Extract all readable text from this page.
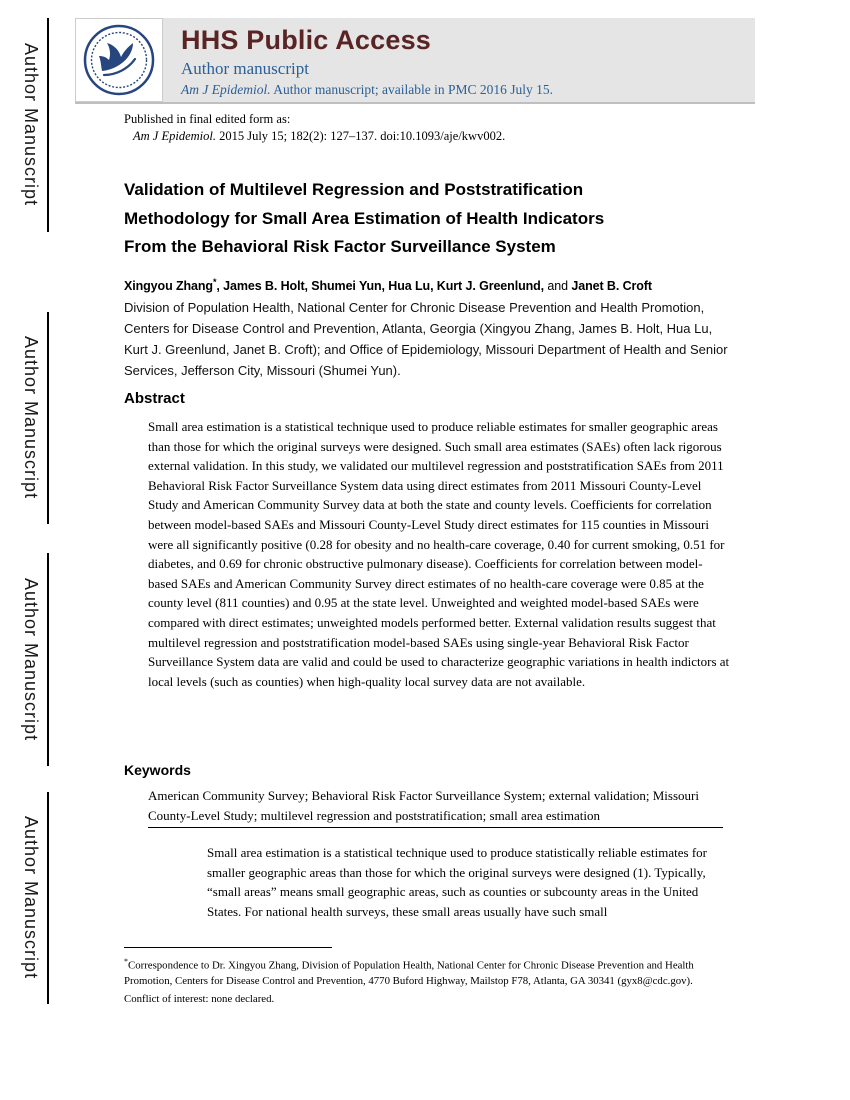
Author Manuscript
Author Manuscript
Author Manuscript
Author Manuscript
HHS Public Access
Author manuscript
Am J Epidemiol. Author manuscript; available in PMC 2016 July 15.
Published in final edited form as:
Am J Epidemiol. 2015 July 15; 182(2): 127–137. doi:10.1093/aje/kwv002.
Validation of Multilevel Regression and Poststratification
Methodology for Small Area Estimation of Health Indicators
From the Behavioral Risk Factor Surveillance System
Xingyou Zhang*, James B. Holt, Shumei Yun, Hua Lu, Kurt J. Greenlund, and Janet B. Croft
Division of Population Health, National Center for Chronic Disease Prevention and Health Promotion, Centers for Disease Control and Prevention, Atlanta, Georgia (Xingyou Zhang, James B. Holt, Hua Lu, Kurt J. Greenlund, Janet B. Croft); and Office of Epidemiology, Missouri Department of Health and Senior Services, Jefferson City, Missouri (Shumei Yun).
Abstract
Small area estimation is a statistical technique used to produce reliable estimates for smaller geographic areas than those for which the original surveys were designed. Such small area estimates (SAEs) often lack rigorous external validation. In this study, we validated our multilevel regression and poststratification SAEs from 2011 Behavioral Risk Factor Surveillance System data using direct estimates from 2011 Missouri County-Level Study and American Community Survey data at both the state and county levels. Coefficients for correlation between model-based SAEs and Missouri County-Level Study direct estimates for 115 counties in Missouri were all significantly positive (0.28 for obesity and no health-care coverage, 0.40 for current smoking, 0.51 for diabetes, and 0.69 for chronic obstructive pulmonary disease). Coefficients for correlation between model-based SAEs and American Community Survey direct estimates of no health-care coverage were 0.85 at the county level (811 counties) and 0.95 at the state level. Unweighted and weighted model-based SAEs were compared with direct estimates; unweighted models performed better. External validation results suggest that multilevel regression and poststratification model-based SAEs using single-year Behavioral Risk Factor Surveillance System data are valid and could be used to characterize geographic variations in health indictors at local levels (such as counties) when high-quality local survey data are not available.
Keywords
American Community Survey; Behavioral Risk Factor Surveillance System; external validation; Missouri County-Level Study; multilevel regression and poststratification; small area estimation
Small area estimation is a statistical technique used to produce statistically reliable estimates for smaller geographic areas than those for which the original surveys were designed (1). Typically, “small areas” means small geographic areas, such as counties or subcounty areas in the United States. For national health surveys, these small areas usually have such small
*Correspondence to Dr. Xingyou Zhang, Division of Population Health, National Center for Chronic Disease Prevention and Health Promotion, Centers for Disease Control and Prevention, 4770 Buford Highway, Mailstop F78, Atlanta, GA 30341 (gyx8@cdc.gov).
Conflict of interest: none declared.
